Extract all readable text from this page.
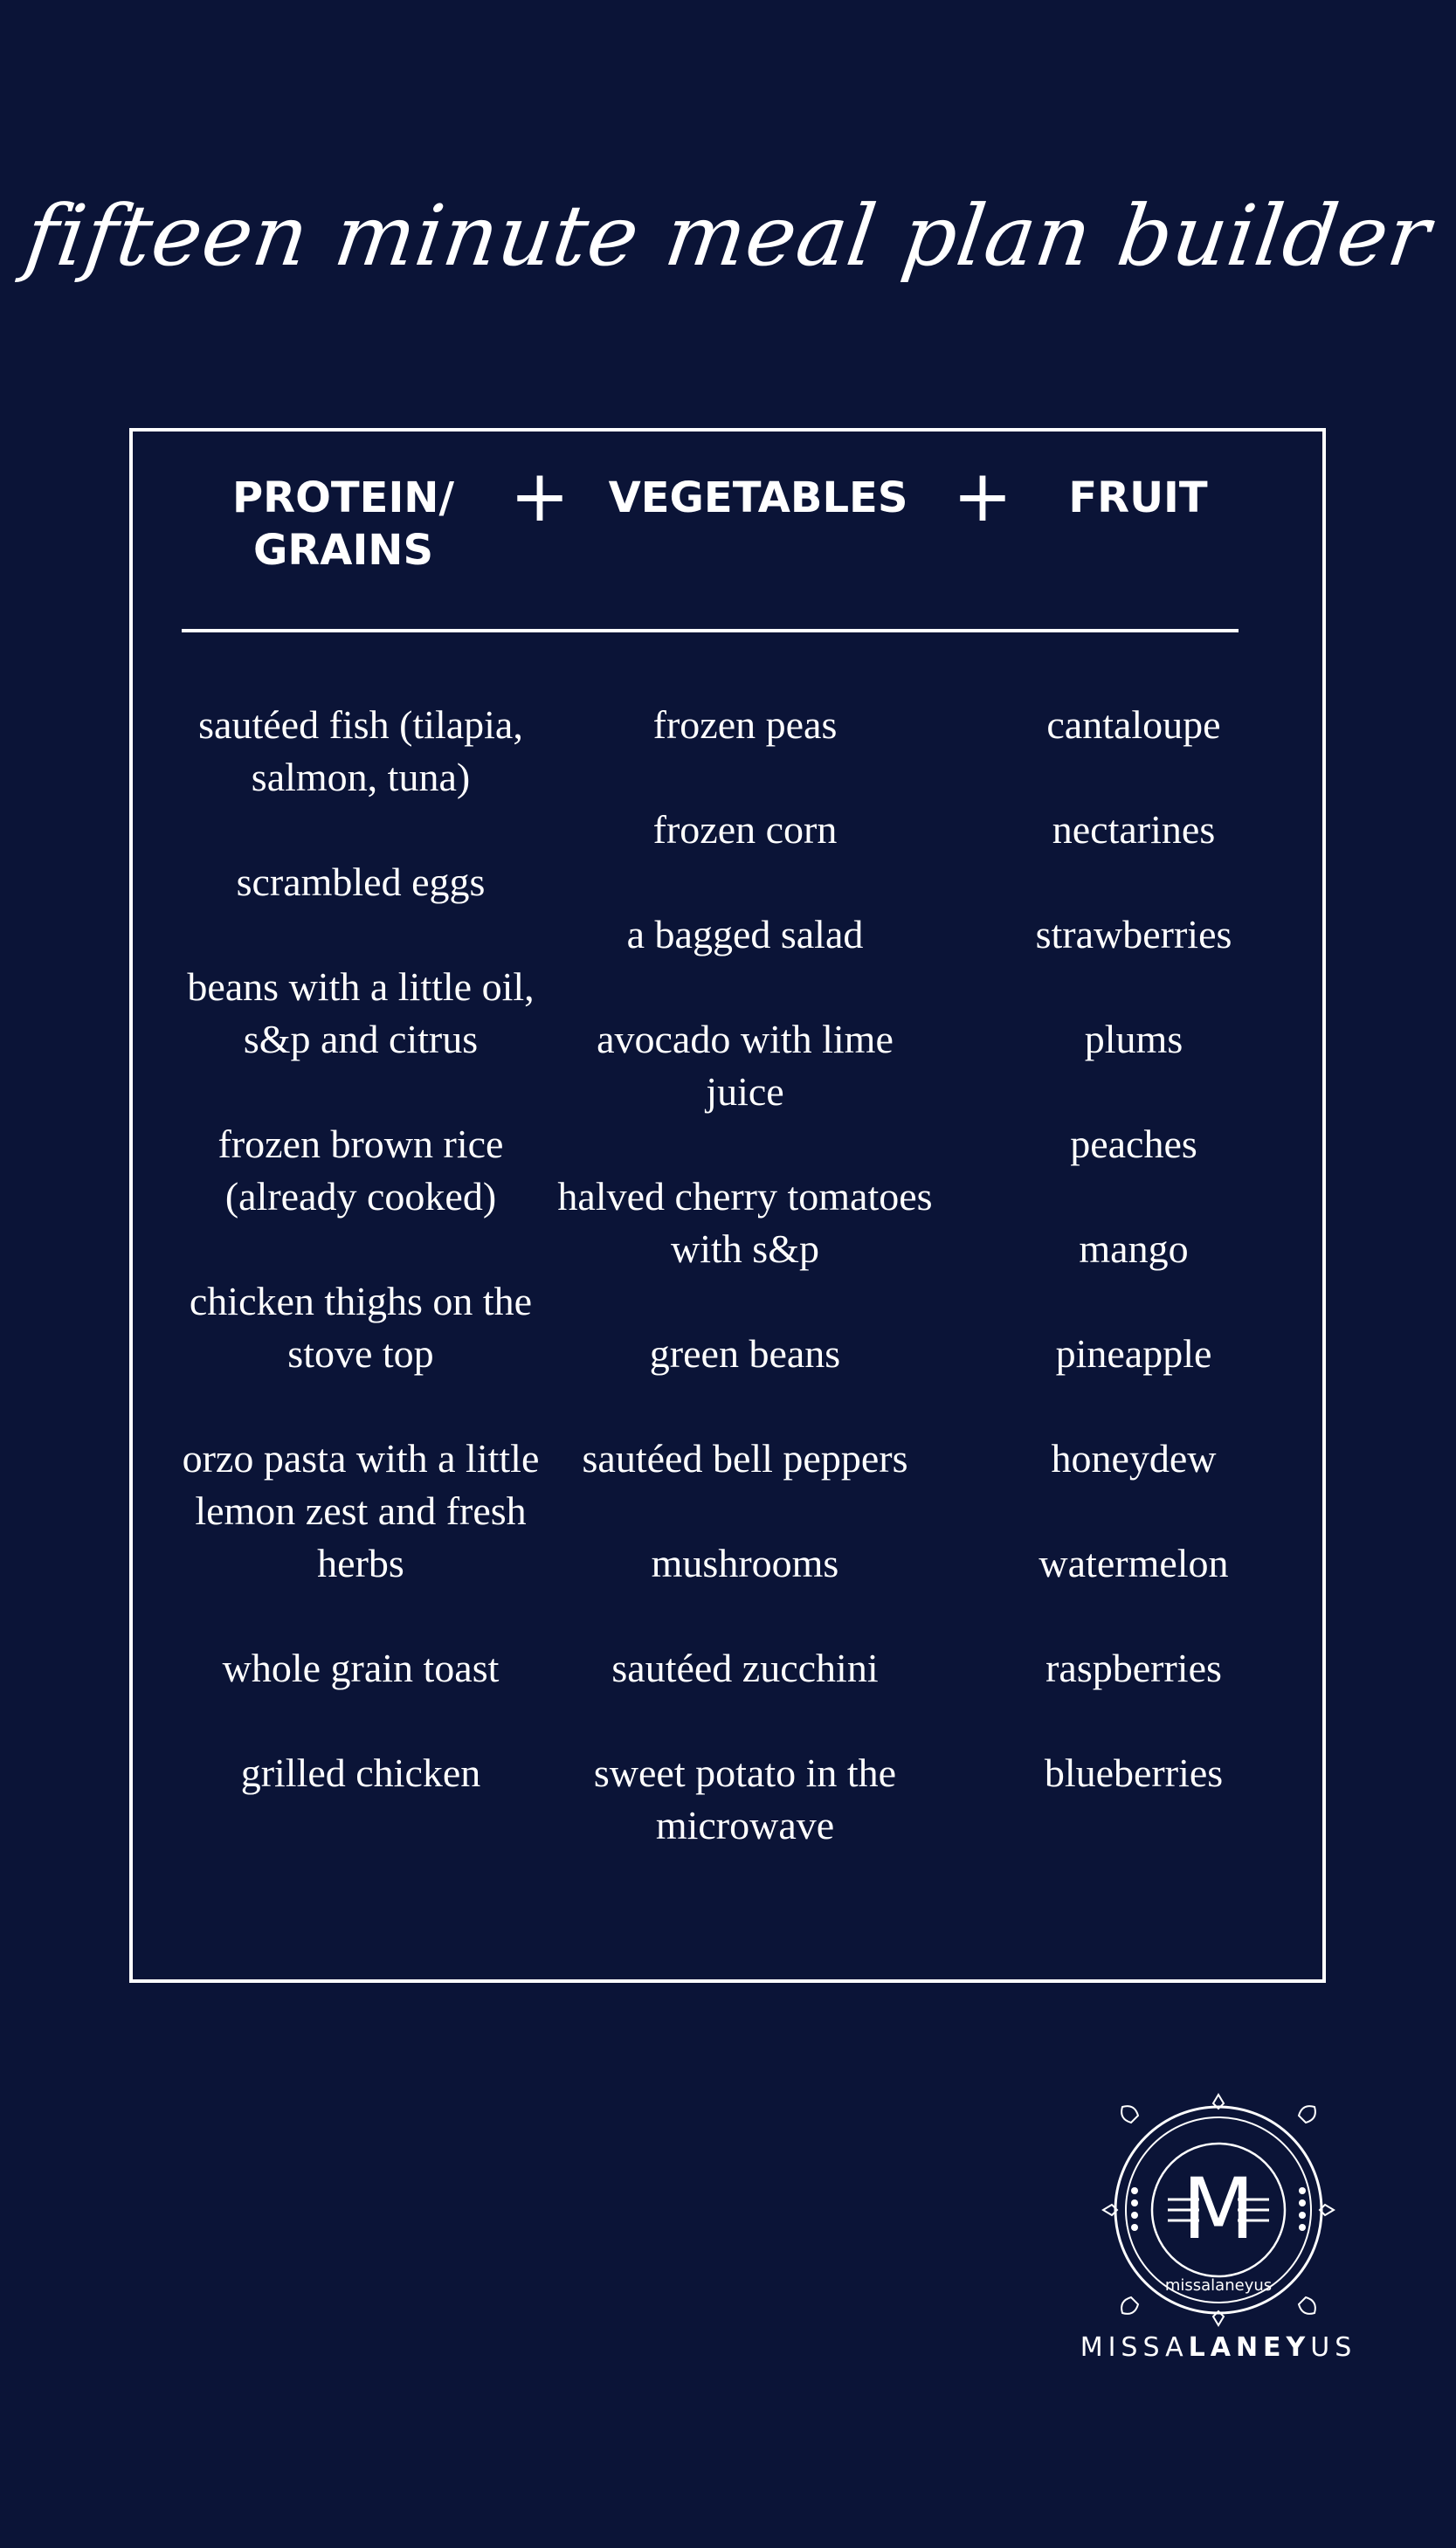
fifteen minute meal plan builder
PROTEIN/
GRAINS
+ VEGETABLES +	FRUIT
sautéed fish (tilapia, salmon, tuna)
scrambled eggs
beans with a little oil, s&p and citrus
frozen brown rice (already cooked)
chicken thighs on the stove top
orzo pasta with a little lemon zest and fresh herbs
whole grain toast
grilled chicken
frozen peas
frozen corn
a bagged salad
avocado with lime juice
halved cherry tomatoes with s&p
green beans
sautéed bell peppers
mushrooms
sautéed zucchini
sweet potato in the microwave
cantaloupe
nectarines
strawberries
plums
peaches
mango
pineapple
honeydew
watermelon
raspberries
blueberries
M
missalaneyus
MISSALANEYUS
